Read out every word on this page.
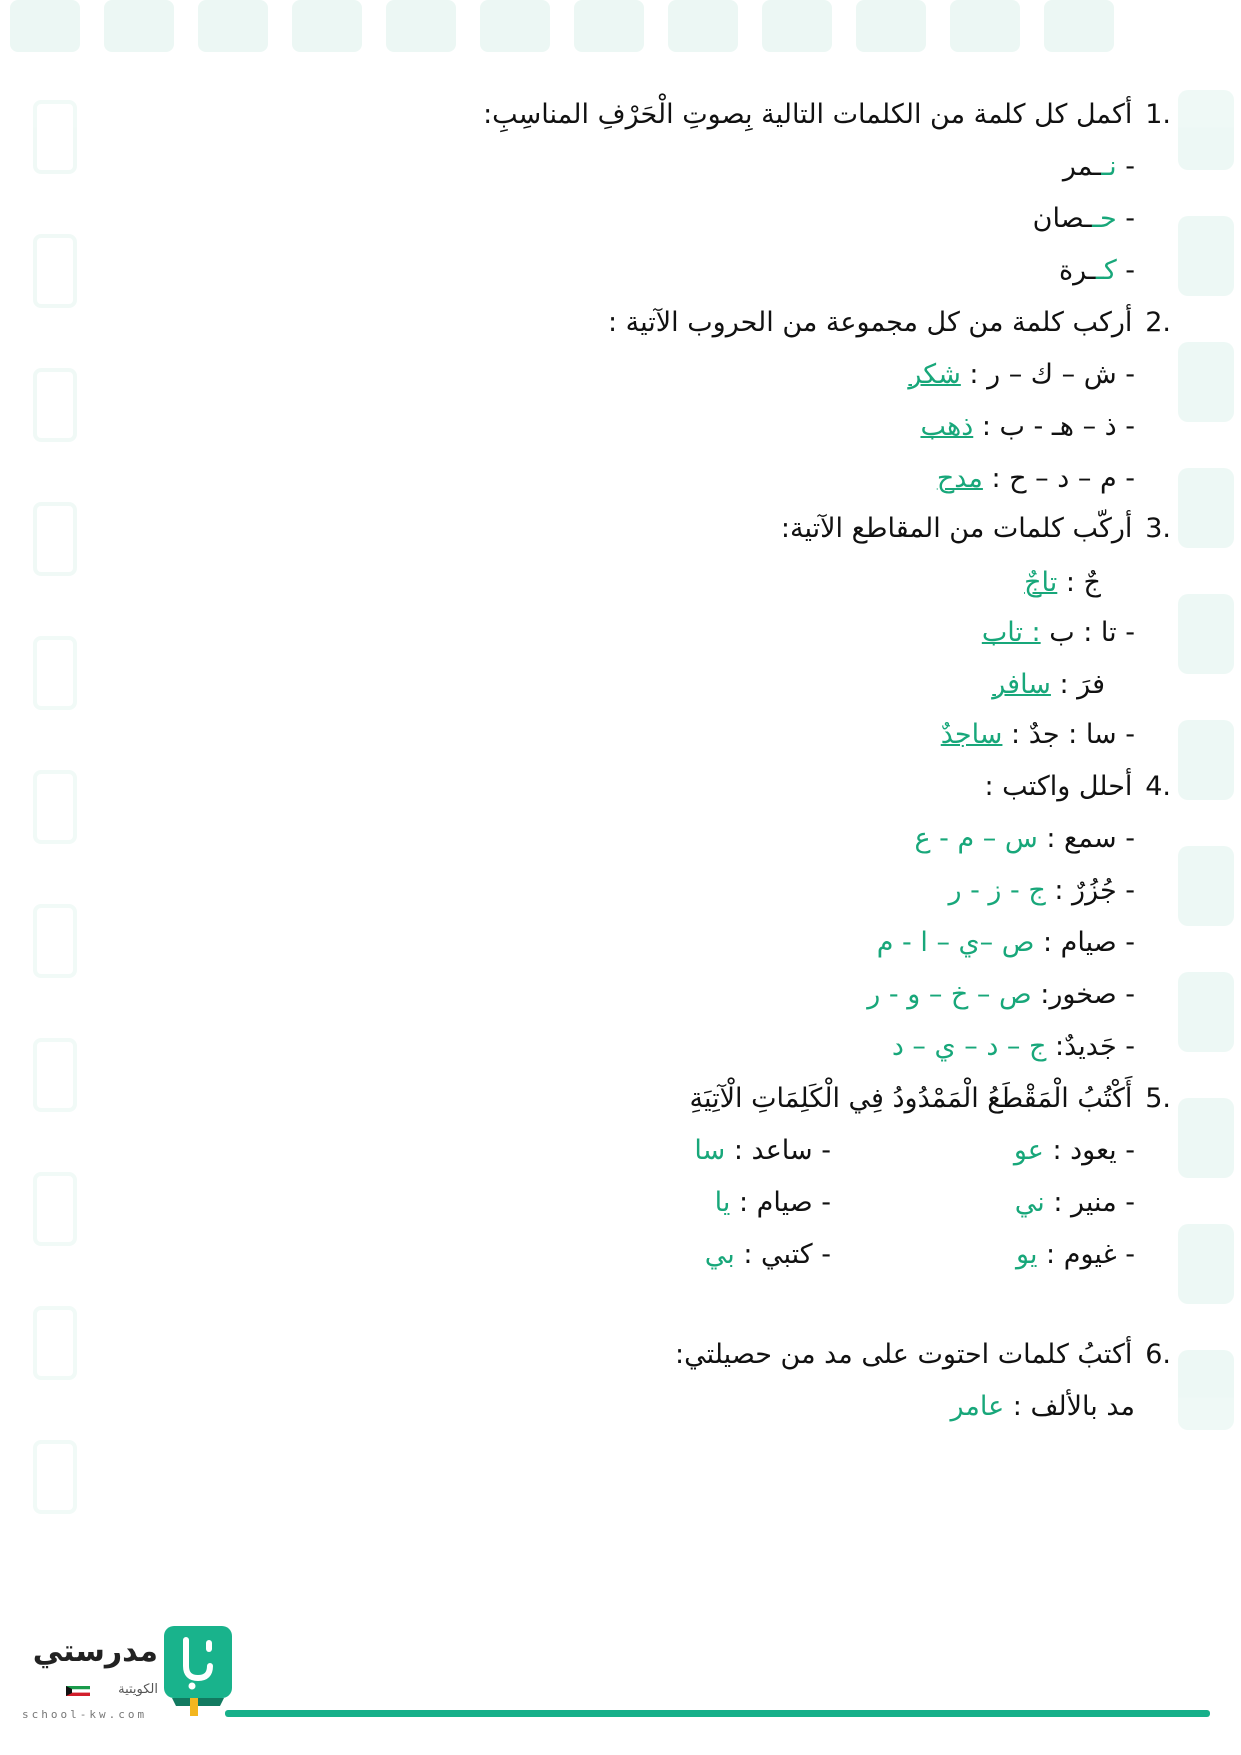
.1 أكمل كل كلمة من الكلمات التالية بِصوتِ الْحَرْفِ المناسِبِ:
- نــمر
- حــصان
- كــرة
.2 أركب كلمة من كل مجموعة من الحروب الآتية :
- ش – ك – ر : شكر
- ذ – هـ - ب : ذهب
- م – د – ح : مدح
.3 أركّب كلمات من المقاطع الآتية:
جٌ : تاجٌ
- تا : ب : تاب
فرَ : سافر
- سا : جدٌ : ساجدٌ
.4 أحلل واكتب :
- سمع : س – م - ع
- جُزُرٌ : ج - ز - ر
- صيام : ص –ي – ا - م
- صخور: ص – خ – و - ر
- جَديدٌ: ج – د – ي – د
.5 أَكْتُبُ الْمَقْطَعُ الْمَمْدُودُ فِي الْكَلِمَاتِ الْآتِيَةِ
- يعود : عو
- ساعد : سا
- منير : ني
- صيام : يا
- غيوم : يو
- كتبي : بي
.6 أكتبُ كلمات احتوت على مد من حصيلتي:
مد بالألف : عامر
مدرستي
الكويتية
school-kw.com
